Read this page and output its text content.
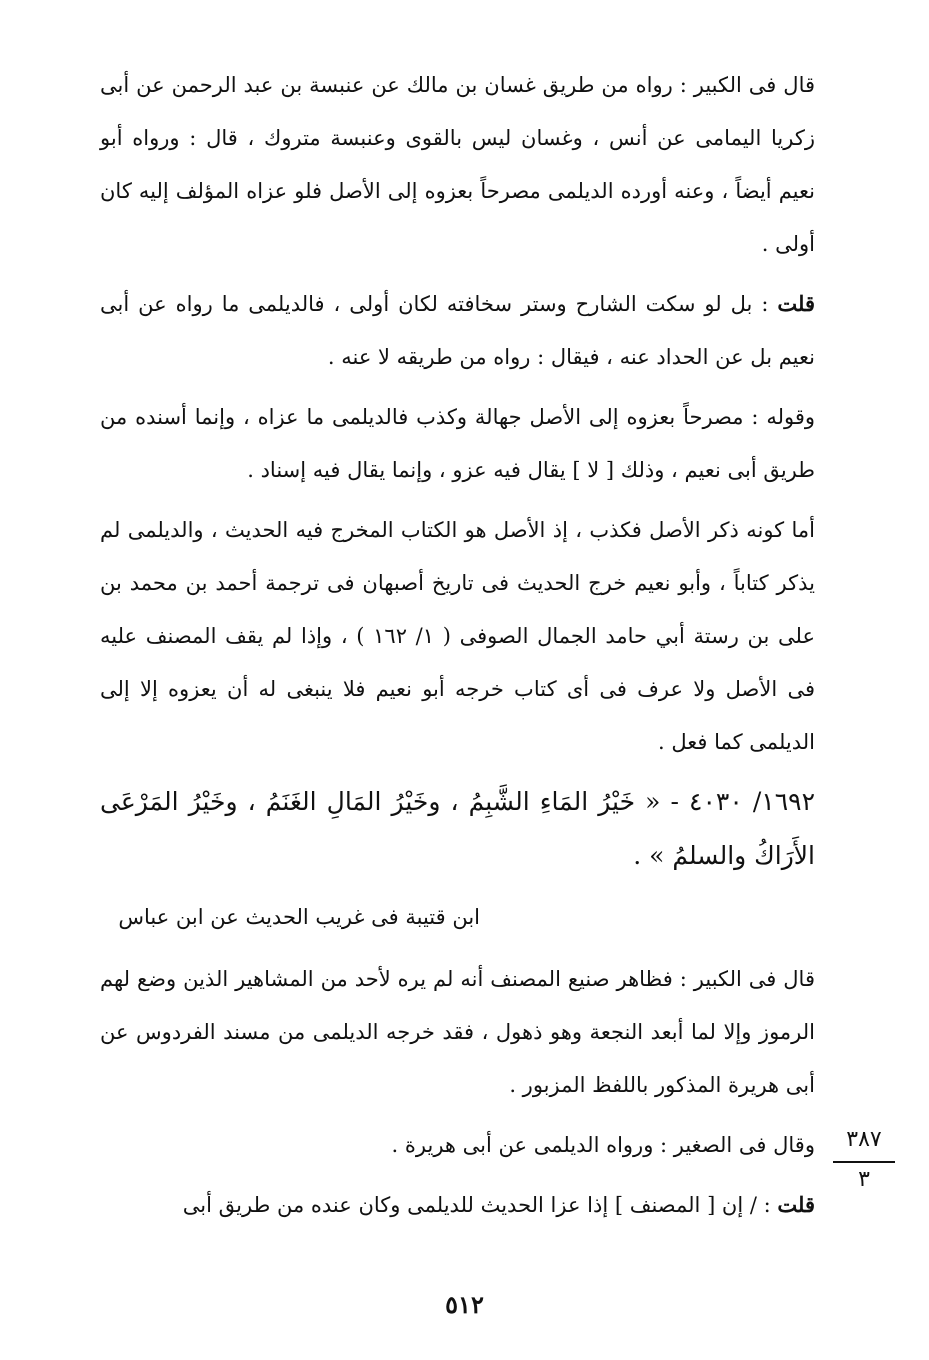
قال فى الكبير : رواه من طريق غسان بن مالك عن عنبسة بن عبد الرحمن عن أبى زكريا اليمامى عن أنس ، وغسان ليس بالقوى وعنبسة متروك ، قال : ورواه أبو نعيم أيضاً ، وعنه أورده الديلمى مصرحاً بعزوه إلى الأصل فلو عزاه المؤلف إليه كان أولى .

قلت : بل لو سكت الشارح وستر سخافته لكان أولى ، فالديلمى ما رواه عن أبى نعيم بل عن الحداد عنه ، فيقال : رواه من طريقه لا عنه .

وقوله : مصرحاً بعزوه إلى الأصل جهالة وكذب فالديلمى ما عزاه ، وإنما أسنده من طريق أبى نعيم ، وذلك [ لا ] يقال فيه عزو ، وإنما يقال فيه إسناد .

أما كونه ذكر الأصل فكذب ، إذ الأصل هو الكتاب المخرج فيه الحديث ، والديلمى لم يذكر كتاباً ، وأبو نعيم خرج الحديث فى تاريخ أصبهان فى ترجمة أحمد بن محمد بن على بن رستة أبي حامد الجمال الصوفى ( ١/ ١٦٢ ) ، وإذا لم يقف المصنف عليه فى الأصل ولا عرف فى أى كتاب خرجه أبو نعيم فلا ينبغى له أن يعزوه إلا إلى الديلمى كما فعل .

١٦٩٢/ ٤٠٣٠ - « خَيْرُ المَاءِ الشَّبِمُ ، وخَيْرُ المَالِ الغَنَمُ ، وخَيْرُ المَرْعَى الأَرَاكُ والسلمُ » .

ابن قتيبة فى غريب الحديث عن ابن عباس

قال فى الكبير : فظاهر صنيع المصنف أنه لم يره لأحد من المشاهير الذين وضع لهم الرموز وإلا لما أبعد النجعة وهو ذهول ، فقد خرجه الديلمى من مسند الفردوس عن أبى هريرة المذكور باللفظ المزبور .

وقال فى الصغير : ورواه الديلمى عن أبى هريرة .

قلت : / إن [ المصنف ] إذا عزا الحديث للديلمى وكان عنده من طريق أبى

٣٨٧
٣
٥١٢
